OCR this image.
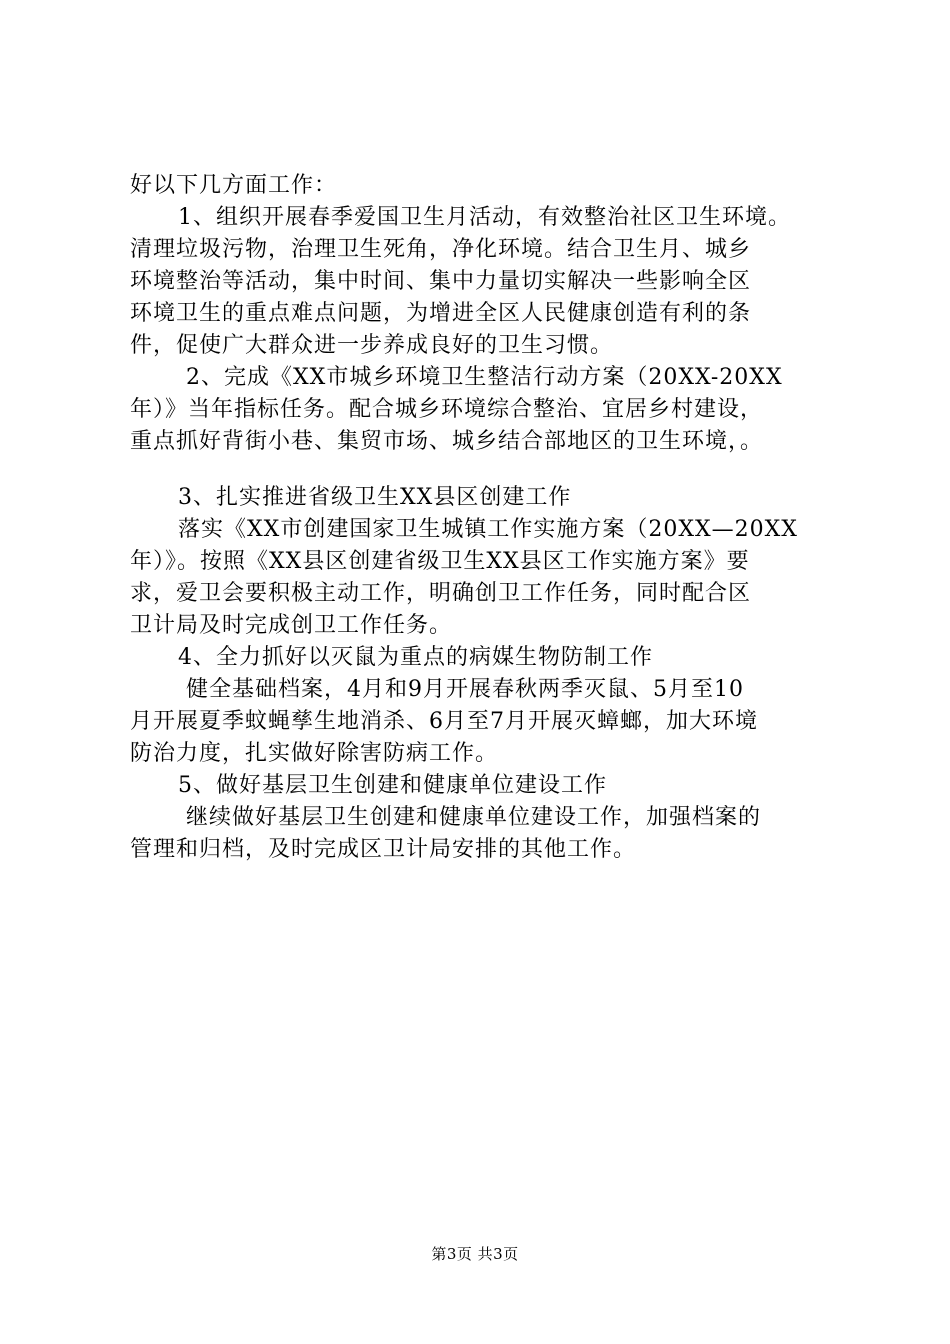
好以下几方面工作：
1、组织开展春季爱国卫生月活动，有效整治社区卫生环境。
清理垃圾污物，治理卫生死角，净化环境。结合卫生月、城乡
环境整治等活动，集中时间、集中力量切实解决一些影响全区
环境卫生的重点难点问题，为增进全区人民健康创造有利的条
件，促使广大群众进一步养成良好的卫生习惯。
2、完成《XX市城乡环境卫生整洁行动方案（20XX-20XX
年）》当年指标任务。配合城乡环境综合整治、宜居乡村建设，
重点抓好背街小巷、集贸市场、城乡结合部地区的卫生环境，。
3、扎实推进省级卫生XX县区创建工作
落实《XX市创建国家卫生城镇工作实施方案（20XX—20XX
年）》。按照《XX县区创建省级卫生XX县区工作实施方案》要
求，爱卫会要积极主动工作，明确创卫工作任务，同时配合区
卫计局及时完成创卫工作任务。
4、全力抓好以灭鼠为重点的病媒生物防制工作
健全基础档案，4月和9月开展春秋两季灭鼠、5月至10
月开展夏季蚊蝇孳生地消杀、6月至7月开展灭蟑螂，加大环境
防治力度，扎实做好除害防病工作。
5、做好基层卫生创建和健康单位建设工作
继续做好基层卫生创建和健康单位建设工作，加强档案的
管理和归档，及时完成区卫计局安排的其他工作。
第3页 共3页
